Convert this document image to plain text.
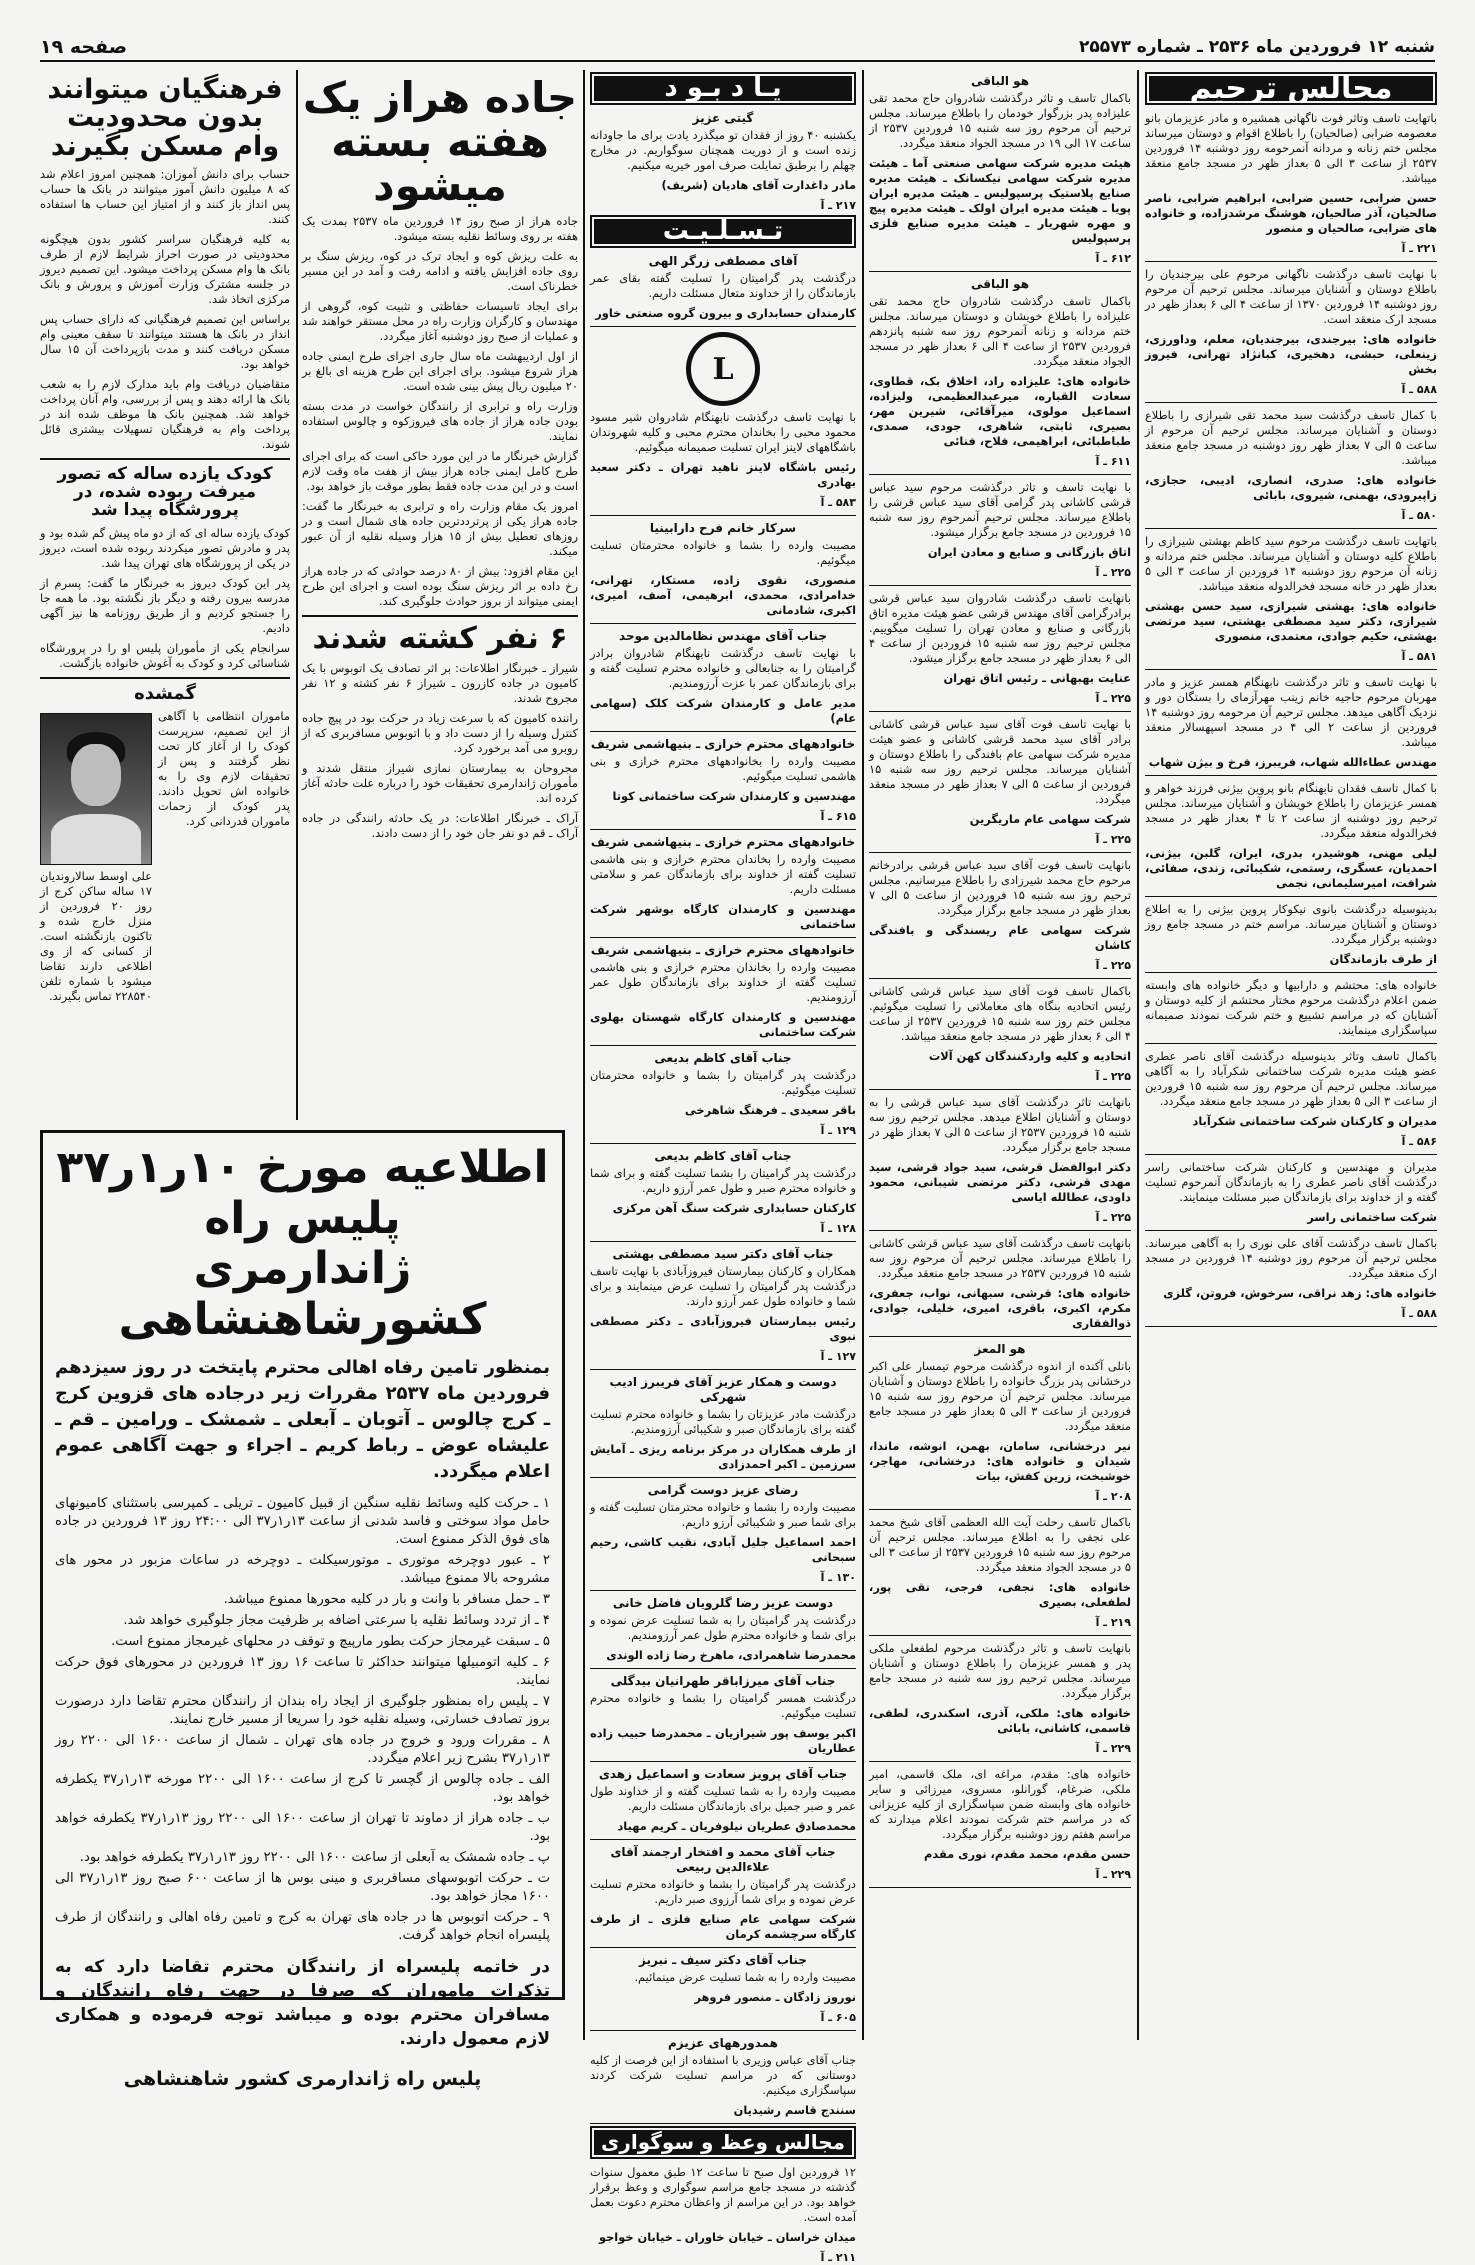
شنبه ۱۲ فروردین ماه ۲۵۳۶ ـ شماره ۲۵۵۷۳
صفحه ۱۹
مجالس ترحیم

باتهایت تاسف وتاثر فوت ناگهانی همشیره و مادر عزیزمان بانو معصومه ضرابی (صالحیان) را باطلاع اقوام و دوستان میرساند مجلس ختم زنانه و مردانه آنمرحومه روز دوشنبه ۱۴ فروردین ۲۵۳۷ از ساعت ۳ الی ۵ بعداز ظهر در مسجد جامع منعقد میباشد.

حسن ضرابی، حسین ضرابی، ابراهیم ضرابی، ناصر صالحیان، آذر صالحیان، هوشنگ مرشدزاده، و خانواده های ضرابی، صالحیان و منصور

۲۲۱ ـ آ

با نهایت تاسف درگذشت ناگهانی مرحوم علی بیرجندیان را باطلاع دوستان و آشنایان میرساند. مجلس ترحیم آن مرحوم روز دوشنبه ۱۴ فروردین ۱۳۷۰ از ساعت ۴ الی ۶ بعداز ظهر در مسجد ارک منعقد است.

خانواده های: بیرجندی، بیرجندیان، معلم، وداورزی، زینعلی، حبشی، دهخیری، کبانژاد تهرانی، فیروز بخش

۵۸۸ ـ آ

با کمال تاسف درگذشت سید محمد تقی شیرازی را باطلاع دوستان و آشنایان میرساند. مجلس ترحیم آن مرحوم از ساعت ۵ الی ۷ بعداز ظهر روز دوشنبه در مسجد جامع منعقد میباشد.

خانواده های: صدری، انصاری، ادیبی، حجازی، زاپیرودی، بهمنی، شیروی، بابائی

۵۸۰ ـ آ

باتهایت تاسف درگذشت مرحوم سید کاظم بهشتی شیرازی را باطلاع کلیه دوستان و آشنایان میرساند. مجلس ختم مردانه و زنانه آن مرحوم روز دوشنبه ۱۴ فروردین از ساعت ۳ الی ۵ بعداز ظهر در خانه مسجد فخرالدوله منعقد میباشد.

خانواده های: بهشتی شیرازی، سید حسن بهشتی شیرازی، دکتر سید مصطفی بهشتی، سید مرتضی بهشتی، حکیم جوادی، معتمدی، منصوری

۵۸۱ ـ آ

با نهایت تاسف و تاثر درگذشت نابهنگام همسر عزیز و مادر مهربان مرحوم حاجیه خانم زینب مهرآزمای را بستگان دور و نزدیک آگاهی میدهد. مجلس ترحیم آن مرحومه روز دوشنبه ۱۴ فروردین از ساعت ۲ الی ۴ در مسجد اسپهسالار منعقد میباشد.

مهندس عطاءالله شهاب، فریبرز، فرخ و بیژن شهاب

با کمال تاسف فقدان نابهنگام بانو پروین بیژنی فرزند خواهر و همسر عزیزمان را باطلاع خویشان و آشنایان میرساند. مجلس ترحیم روز دوشنبه از ساعت ۲ تا ۴ بعداز ظهر در مسجد فخرالدوله منعقد میگردد.

لیلی مهنی، هوشیدر، بدری، ایران، گلبن، بیژنی، احمدیان، عسگری، رستمی، شکیبائی، زندی، صفائی، شرافت، امیرسلیمانی، نجمی

بدینوسیله درگذشت بانوی نیکوکار پروین بیژنی را به اطلاع دوستان و آشنایان میرساند. مراسم ختم در مسجد جامع روز دوشنبه برگزار میگردد.

از طرف بازماندگان

خانواده های: محتشم و دارابیها و دیگر خانواده های وابسته ضمن اعلام درگذشت مرحوم مختار محتشم از کلیه دوستان و آشنایان که در مراسم تشییع و ختم شرکت نمودند صمیمانه سپاسگزاری مینمایند.

باکمال تاسف وتاثر بدینوسیله درگذشت آقای ناصر عطری عضو هیئت مدیره شرکت ساختمانی شکرآباد را به آگاهی میرساند. مجلس ترحیم آن مرحوم روز سه شنبه ۱۵ فروردین از ساعت ۳ الی ۵ بعداز ظهر در مسجد جامع منعقد میگردد.

مدیران و کارکنان شرکت ساختمانی شکرآباد

۵۸۶ ـ آ

مدیران و مهندسین و کارکنان شرکت ساختمانی راسر درگذشت آقای ناصر عطری را به بازماندگان آنمرحوم تسلیت گفته و از خداوند برای بازماندگان صبر مسئلت مینمایند.

شرکت ساختمانی راسر

باکمال تاسف درگذشت آقای علی نوری را به آگاهی میرساند. مجلس ترحیم آن مرحوم روز دوشنبه ۱۴ فروردین در مسجد ارک منعقد میگردد.

خانواده های: زهد نراقی، سرخوش، فروتن، گلزی

۵۸۸ ـ آ
هو الباقی

باکمال تاسف و تاثر درگذشت شادروان حاج محمد تقی علیزاده پدر بزرگوار خودمان را باطلاع میرساند. مجلس ترحیم آن مرحوم روز سه شنبه ۱۵ فروردین ۲۵۳۷ از ساعت ۱۷ الی ۱۹ در مسجد الجواد منعقد میگردد.

هیئت مدیره شرکت سهامی صنعتی آما ـ هیئت مدیره شرکت سهامی نیکسانک ـ هیئت مدیره صنایع پلاستیک پرسپولیس ـ هیئت مدیره ایران پویا ـ هیئت مدیره ایران اولک ـ هیئت مدیره پیچ و مهره شهریار ـ هیئت مدیره صنایع فلزی پرسپولیس

۶۱۲ ـ آ
هو الباقی

باکمال تاسف درگذشت شادروان حاج محمد تقی علیزاده را باطلاع خویشان و دوستان میرساند. مجلس ختم مردانه و زنانه آنمرحوم روز سه شنبه پانزدهم فروردین ۲۵۳۷ از ساعت ۴ الی ۶ بعداز ظهر در مسجد الجواد منعقد میگردد.

خانواده های: علیزاده راد، اخلاق بک، قطاوی، سعادت القباره، میرعبدالعظیمی، ولیزاده، اسماعیل مولوی، میرآقائی، شیرین مهر، بصیری، ثابتی، شاهری، جودی، صمدی، طباطبائی، ابراهیمی، فلاح، فنائی

۶۱۱ ـ آ

با نهایت تاسف و تاثر درگذشت مرحوم سید عباس قرشی کاشانی پدر گرامی آقای سید عباس قرشی را باطلاع میرساند. مجلس ترحیم آنمرحوم روز سه شنبه ۱۵ فروردین در مسجد جامع برگزار میشود.

اتاق بازرگانی و صنایع و معادن ایران

۲۲۵ ـ آ

بانهایت تاسف درگذشت شادروان سید عباس قرشی برادرگرامی آقای مهندس قرشی عضو هیئت مدیره اتاق بازرگانی و صنایع و معادن تهران را تسلیت میگوییم. مجلس ترحیم روز سه شنبه ۱۵ فروردین از ساعت ۴ الی ۶ بعداز ظهر در مسجد جامع برگزار میشود.

عنایت بهبهانی ـ رئیس اتاق تهران

۲۲۵ ـ آ

با نهایت تاسف فوت آقای سید عباس قرشی کاشانی برادر آقای سید محمد قرشی کاشانی و عضو هیئت مدیره شرکت سهامی عام بافندگی را باطلاع دوستان و آشنایان میرساند. مجلس ترحیم روز سه شنبه ۱۵ فروردین از ساعت ۵ الی ۷ بعداز ظهر در مسجد منعقد میگردد.

شرکت سهامی عام ماریگرین

۲۲۵ ـ آ

بانهایت تاسف فوت آقای سید عباس قرشی برادرخانم مرحوم حاج محمد شیرزادی را باطلاع میرسانیم. مجلس ترحیم روز سه شنبه ۱۵ فروردین از ساعت ۵ الی ۷ بعداز ظهر در مسجد جامع برگزار میگردد.

شرکت سهامی عام ریسندگی و بافندگی کاشان

۲۲۵ ـ آ

باکمال تاسف فوت آقای سید عباس قرشی کاشانی رئیس اتحادیه بنگاه های معاملاتی را تسلیت میگوئیم. مجلس ختم روز سه شنبه ۱۵ فروردین ۲۵۳۷ از ساعت ۴ الی ۶ بعداز ظهر در مسجد جامع منعقد میباشد.

اتحادیه و کلیه واردکنندگان کهن آلات

۲۲۵ ـ آ

بانهایت تاثر درگذشت آقای سید عباس قرشی را به دوستان و آشنایان اطلاع میدهد. مجلس ترحیم روز سه شنبه ۱۵ فروردین ۲۵۳۷ از ساعت ۵ الی ۷ بعداز ظهر در مسجد جامع برگزار میگردد.

دکتر ابوالفضل قرشی، سید جواد قرشی، سید مهدی قرشی، دکتر مرتضی شیبانی، محمود داودی، عطالله ایاسی

۲۲۵ ـ آ

بانهایت تاسف درگذشت آقای سید عباس قرشی کاشانی را باطلاع میرساند. مجلس ترحیم آن مرحوم روز سه شنبه ۱۵ فروردین ۲۵۳۷ در مسجد جامع منعقد میگردد.

خانواده های: قرشی، سبهانی، نواب، جعفری، مکرم، اکبری، باقری، امیری، خلیلی، جوادی، ذوالفقاری

هو المعز

بانلی آکنده از اندوه درگذشت مرحوم تیمسار علی اکبر درخشانی پدر بزرگ خانواده را باطلاع دوستان و آشنایان میرساند. مجلس ترحیم آن مرحوم روز سه شنبه ۱۵ فروردین از ساعت ۳ الی ۵ بعداز ظهر در مسجد جامع منعقد میگردد.

نیر درخشانی، سامان، بهمن، انوشه، ماندا، شیدان و خانواده های: درخشانی، مهاجر، خوشبخت، زرین کفش، بیات

۲۰۸ ـ آ

باکمال تاسف رحلت آیت الله العظمی آقای شیخ محمد علی نجفی را به اطلاع میرساند. مجلس ترحیم آن مرحوم روز سه شنبه ۱۵ فروردین ۲۵۳۷ از ساعت ۳ الی ۵ در مسجد الجواد منعقد میگردد.

خانواده های: نجفی، فرجی، نقی پور، لطفعلی، بصیری

۲۱۹ ـ آ

بانهایت تاسف و تاثر درگذشت مرحوم لطفعلی ملکی پدر و همسر عزیزمان را باطلاع دوستان و آشنایان میرساند. مجلس ترحیم روز سه شنبه در مسجد جامع برگزار میگردد.

خانواده های: ملکی، آذری، اسکندری، لطفی، قاسمی، کاشانی، بابائی

۲۲۹ ـ آ

خانواده های: مقدم، مراغه ای، ملک قاسمی، امیر ملکی، ضرغام، گورانلو، مسروی، میرزائی و سایر خانواده های وابسته ضمن سپاسگزاری از کلیه عزیزانی که در مراسم ختم شرکت نمودند اعلام میدارند که مراسم هفتم روز دوشنبه برگزار میگردد.

حسن مقدم، محمد مقدم، نوری مقدم

۲۲۹ ـ آ
یـا د بـو د
گیتی عزیز

یکشنبه ۴۰ روز از فقدان تو میگذرد یادت برای ما جاودانه زنده است و از دوریت همچنان سوگواریم. در مخارج چهلم را برطبق تمایلت صرف امور خیریه میکنیم.

مادر داغدارت آقای هادیان (شریف)

۲۱۷ ـ آ
تـسـلـیـت
آقای مصطفی زرگر الهی

درگذشت پدر گرامیتان را تسلیت گفته بقای عمر بازماندگان را از خداوند متعال مسئلت داریم.

کارمندان حسابداری و بیرون گروه صنعتی خاور

L

با نهایت تاسف درگذشت نابهنگام شادروان شیر مسود محمود محبی را بخاندان محترم محبی و کلیه شهروندان باشگاههای لاینز ایران تسلیت صمیمانه میگوئیم.

رئیس باشگاه لاینز ناهید تهران ـ دکتر سعید بهادری

۵۸۳ ـ آ
سرکار خانم فرح دارابینیا

مصیبت وارده را بشما و خانواده محترمتان تسلیت میگوئیم.

منصوری، نقوی زاده، مستکار، تهرانی، خدامرادی، محمدی، ابرهیمی، آصف، امیری، اکبری، شادمانی

جناب آقای مهندس نظامالدین موحد

با نهایت تاسف درگذشت نابهنگام شادروان برادر گرامیتان را به جنابعالی و خانواده محترم تسلیت گفته و برای بازماندگان عمر با عزت آرزومندیم.

مدیر عامل و کارمندان شرکت کلک (سهامی عام)

خانوادههای محترم خرازی ـ بنیهاشمی شریف

مصیبت وارده را بخانوادههای محترم خرازی و بنی هاشمی تسلیت میگوئیم.

مهندسین و کارمندان شرکت ساختمانی کوتا

۶۱۵ ـ آ
خانوادههای محترم خرازی ـ بنیهاشمی شریف

مصیبت وارده را بخاندان محترم خرازی و بنی هاشمی تسلیت گفته از خداوند برای بازماندگان عمر و سلامتی مسئلت داریم.

مهندسین و کارمندان کارگاه بوشهر شرکت ساختمانی

خانوادههای محترم خرازی ـ بنیهاشمی شریف

مصیبت وارده را بخاندان محترم خرازی و بنی هاشمی تسلیت گفته از خداوند برای بازماندگان طول عمر آرزومندیم.

مهندسین و کارمندان کارگاه شهستان بهلوی شرکت ساختمانی

جناب آقای کاظم بدیعی

درگذشت پدر گرامیتان را بشما و خانواده محترمتان تسلیت میگوئیم.

باقر سعیدی ـ فرهنگ شاهرخی

۱۲۹ ـ آ
جناب آقای کاظم بدیعی

درگذشت پدر گرامیتان را بشما تسلیت گفته و برای شما و خانواده محترم صبر و طول عمر آرزو داریم.

کارکنان حسابداری شرکت سنگ آهن مرکزی

۱۲۸ ـ آ
جناب آقای دکتر سید مصطفی بهشتی

همکاران و کارکنان بیمارستان فیروزآبادی با نهایت تاسف درگذشت پدر گرامیتان را تسلیت عرض مینمایند و برای شما و خانواده طول عمر آرزو دارند.

رئیس بیمارستان فیروزآبادی ـ دکتر مصطفی نبوی

۱۲۷ ـ آ
دوست و همکار عزیز آقای فریبرز ادیب شهرکی

درگذشت مادر عزیزتان را بشما و خانواده محترم تسلیت گفته برای بازماندگان صبر و شکیبائی آرزومندیم.

از طرف همکاران در مرکز برنامه ریزی ـ آمایش سرزمین ـ اکبر احمدزادی

رضای عزیز دوست گرامی

مصیبت وارده را بشما و خانواده محترمتان تسلیت گفته و برای شما صبر و شکیبائی آرزو داریم.

احمد اسماعیل جلیل آبادی، نقیب کاشی، رحیم سبحانی

۱۳۰ ـ آ
دوست عزیز رضا گلرویان فاضل خانی

درگذشت پدر گرامیتان را به شما تسلیت عرض نموده و برای شما و خانواده محترم طول عمر آرزومندیم.

محمدرضا شاهمرادی، ماهرخ رضا زاده الوندی

جناب آقای میرزاباقر طهرانیان بیدگلی

درگذشت همسر گرامیتان را بشما و خانواده محترم تسلیت میگوئیم.

اکبر یوسف پور شیرازیان ـ محمدرضا حبیب زاده عطاریان

جناب آقای پرویز سعادت و اسماعیل زهدی

مصیبت وارده را به شما تسلیت گفته و از خداوند طول عمر و صبر جمیل برای بازماندگان مسئلت داریم.

محمدصادق عطریان نیلوفریان ـ کریم مهیاد

جناب آقای محمد و افتخار ارجمند آقای علاءالدین ربیعی

درگذشت پدر گرامیتان را بشما و خانواده محترم تسلیت عرض نموده و برای شما آرزوی صبر داریم.

شرکت سهامی عام صنایع فلزی ـ از طرف کارگاه سرچشمه کرمان

جناب آقای دکتر سیف ـ نبریز

مصیبت وارده را به شما تسلیت عرض مینمائیم.

نوروز زادگان ـ منصور فروهر

۶۰۵ ـ آ
همدورههای عزیزم

جناب آقای عباس وزیری با استفاده از این فرصت از کلیه دوستانی که در مراسم تسلیت شرکت کردند سپاسگزاری میکنیم.

سنندج قاسم رشیدیان

مجالس وعظ و سوگواری

۱۲ فروردین اول صبح تا ساعت ۱۲ طبق معمول سنوات گذشته در مسجد جامع مراسم سوگواری و وعظ برقرار خواهد بود. در این مراسم از واعظان محترم دعوت بعمل آمده است.

میدان خراسان ـ خیابان خاوران ـ خیابان خواجو

۲۱۱ ـ آ
جاده هراز یک هفته بسته میشود

جاده هراز از صبح روز ۱۴ فروردین ماه ۲۵۳۷ بمدت یک هفته بر روی وسائط نقلیه بسته میشود.

به علت ریزش کوه و ایجاد ترک در کوه، ریزش سنگ بر روی جاده افزایش یافته و ادامه رفت و آمد در این مسیر خطرناک است.

برای ایجاد تاسیسات حفاظتی و تثبیت کوه، گروهی از مهندسان و کارگران وزارت راه در محل مستقر خواهند شد و عملیات از صبح روز دوشنبه آغاز میگردد.

از اول اردیبهشت ماه سال جاری اجرای طرح ایمنی جاده هراز شروع میشود. برای اجرای این طرح هزینه ای بالغ بر ۲۰ میلیون ریال پیش بینی شده است.

وزارت راه و ترابری از رانندگان خواست در مدت بسته بودن جاده هراز از جاده های فیروزکوه و چالوس استفاده نمایند.

گزارش خبرنگار ما در این مورد حاکی است که برای اجرای طرح کامل ایمنی جاده هراز بیش از هفت ماه وقت لازم است و در این مدت جاده فقط بطور موقت باز خواهد بود.

امروز یک مقام وزارت راه و ترابری به خبرنگار ما گفت: جاده هراز یکی از پرترددترین جاده های شمال است و در روزهای تعطیل بیش از ۱۵ هزار وسیله نقلیه از آن عبور میکند.

این مقام افزود: بیش از ۸۰ درصد حوادثی که در جاده هراز رخ داده بر اثر ریزش سنگ بوده است و اجرای این طرح ایمنی میتواند از بروز حوادث جلوگیری کند.

۶ نفر کشته شدند

شیراز ـ خبرنگار اطلاعات: بر اثر تصادف یک اتوبوس با یک کامیون در جاده کازرون ـ شیراز ۶ نفر کشته و ۱۲ نفر مجروح شدند.

راننده کامیون که با سرعت زیاد در حرکت بود در پیچ جاده کنترل وسیله را از دست داد و با اتوبوس مسافربری که از روبرو می آمد برخورد کرد.

مجروحان به بیمارستان نمازی شیراز منتقل شدند و مأموران ژاندارمری تحقیقات خود را درباره علت حادثه آغاز کرده اند.

آراک ـ خبرنگار اطلاعات: در یک حادثه رانندگی در جاده آراک ـ قم دو نفر جان خود را از دست دادند.

فرهنگیان میتوانند بدون محدودیت وام مسکن بگیرند

حساب برای دانش آموزان: همچنین امروز اعلام شد که ۸ میلیون دانش آموز میتوانند در بانک ها حساب پس انداز باز کنند و از امتیاز این حساب ها استفاده کنند.

به کلیه فرهنگیان سراسر کشور بدون هیچگونه محدودیتی در صورت احراز شرایط لازم از طرف بانک ها وام مسکن پرداخت میشود. این تصمیم دیروز در جلسه مشترک وزارت آموزش و پرورش و بانک مرکزی اتخاذ شد.

براساس این تصمیم فرهنگیانی که دارای حساب پس انداز در بانک ها هستند میتوانند تا سقف معینی وام مسکن دریافت کنند و مدت بازپرداخت آن ۱۵ سال خواهد بود.

متقاضیان دریافت وام باید مدارک لازم را به شعب بانک ها ارائه دهند و پس از بررسی، وام آنان پرداخت خواهد شد. همچنین بانک ها موظف شده اند در پرداخت وام به فرهنگیان تسهیلات بیشتری قائل شوند.

کودک یازده ساله که تصور میرفت ربوده شده، در پرورشگاه پیدا شد

کودک یازده ساله ای که از دو ماه پیش گم شده بود و پدر و مادرش تصور میکردند ربوده شده است، دیروز در یکی از پرورشگاه های تهران پیدا شد.

پدر این کودک دیروز به خبرنگار ما گفت: پسرم از مدرسه بیرون رفته و دیگر باز نگشته بود. ما همه جا را جستجو کردیم و از طریق روزنامه ها نیز آگهی دادیم.

سرانجام یکی از مأموران پلیس او را در پرورشگاه شناسائی کرد و کودک به آغوش خانواده بازگشت.

گمشده

ماموران انتظامی با آگاهی از این تصمیم، سرپرست کودک را از آغاز کار تحت نظر گرفتند و پس از تحقیقات لازم وی را به خانواده اش تحویل دادند. پدر کودک از زحمات ماموران قدردانی کرد.

علی اوسط سالاروندیان ۱۷ ساله ساکن کرج از روز ۲۰ فروردین از منزل خارج شده و تاکنون بازنگشته است. از کسانی که از وی اطلاعی دارند تقاضا میشود با شماره تلفن ۲۲۸۵۴۰ تماس بگیرند.

اطلاعیه مورخ ۱۰ر۱ر۳۷ پلیس راه

ژاندارمری کشورشاهنشاهی

بمنظور تامین رفاه اهالی محترم پایتخت در روز سیزدهم فروردین ماه ۲۵۳۷ مقررات زیر درجاده های قزوین کرج ـ کرج چالوس ـ آتوبان ـ آبعلی ـ شمشک ـ ورامین ـ قم ـ علیشاه عوض ـ رباط کریم ـ اجراء و جهت آگاهی عموم اعلام میگردد.

۱ ـ حرکت کلیه وسائط نقلیه سنگین از قبیل کامیون ـ تریلی ـ کمپرسی باستثنای کامیونهای حامل مواد سوختی و فاسد شدنی از ساعت ۱۳ر۱ر۳۷ الی ۲۴:۰۰ روز ۱۳ فروردین در جاده های فوق الذکر ممنوع است.

۲ ـ عبور دوچرخه موتوری ـ موتورسیکلت ـ دوچرخه در ساعات مزبور در محور های مشروحه بالا ممنوع میباشد.

۳ ـ حمل مسافر با وانت و بار در کلیه محورها ممنوع میباشد.

۴ ـ از تردد وسائط نقلیه با سرعتی اضافه بر ظرفیت مجاز جلوگیری خواهد شد.

۵ ـ سبقت غیرمجاز حرکت بطور مارپیچ و توقف در محلهای غیرمجاز ممنوع است.

۶ ـ کلیه اتومبیلها میتوانند حداکثر تا ساعت ۱۶ روز ۱۳ فروردین در محورهای فوق حرکت نمایند.

۷ ـ پلیس راه بمنظور جلوگیری از ایجاد راه بندان از رانندگان محترم تقاضا دارد درصورت بروز تصادف خسارتی، وسیله نقلیه خود را سریعا از مسیر خارج نمایند.

۸ ـ مقررات ورود و خروج در جاده های تهران ـ شمال از ساعت ۱۶۰۰ الی ۲۲۰۰ روز ۱۳ر۱ر۳۷ بشرح زیر اعلام میگردد.

الف ـ جاده چالوس از گچسر تا کرج از ساعت ۱۶۰۰ الی ۲۲۰۰ مورخه ۱۳ر۱ر۳۷ یکطرفه خواهد بود.

ب ـ جاده هراز از دماوند تا تهران از ساعت ۱۶۰۰ الی ۲۲۰۰ روز ۱۳ر۱ر۳۷ یکطرفه خواهد بود.

پ ـ جاده شمشک به آبعلی از ساعت ۱۶۰۰ الی ۲۲۰۰ روز ۱۳ر۱ر۳۷ یکطرفه خواهد بود.

ت ـ حرکت اتوبوسهای مسافربری و مینی بوس ها از ساعت ۶۰۰ صبح روز ۱۳ر۱ر۳۷ الی ۱۶۰۰ مجاز خواهد بود.

۹ ـ حرکت اتوبوس ها در جاده های تهران به کرج و تامین رفاه اهالی و رانندگان از طرف پلیسراه انجام خواهد گرفت.

در خاتمه پلیسراه از رانندگان محترم تقاضا دارد که به تذکرات ماموران که صرفا در جهت رفاه رانندگان و مسافران محترم بوده و میباشد توجه فرموده و همکاری لازم معمول دارند.

پلیس راه ژاندارمری کشور شاهنشاهی
